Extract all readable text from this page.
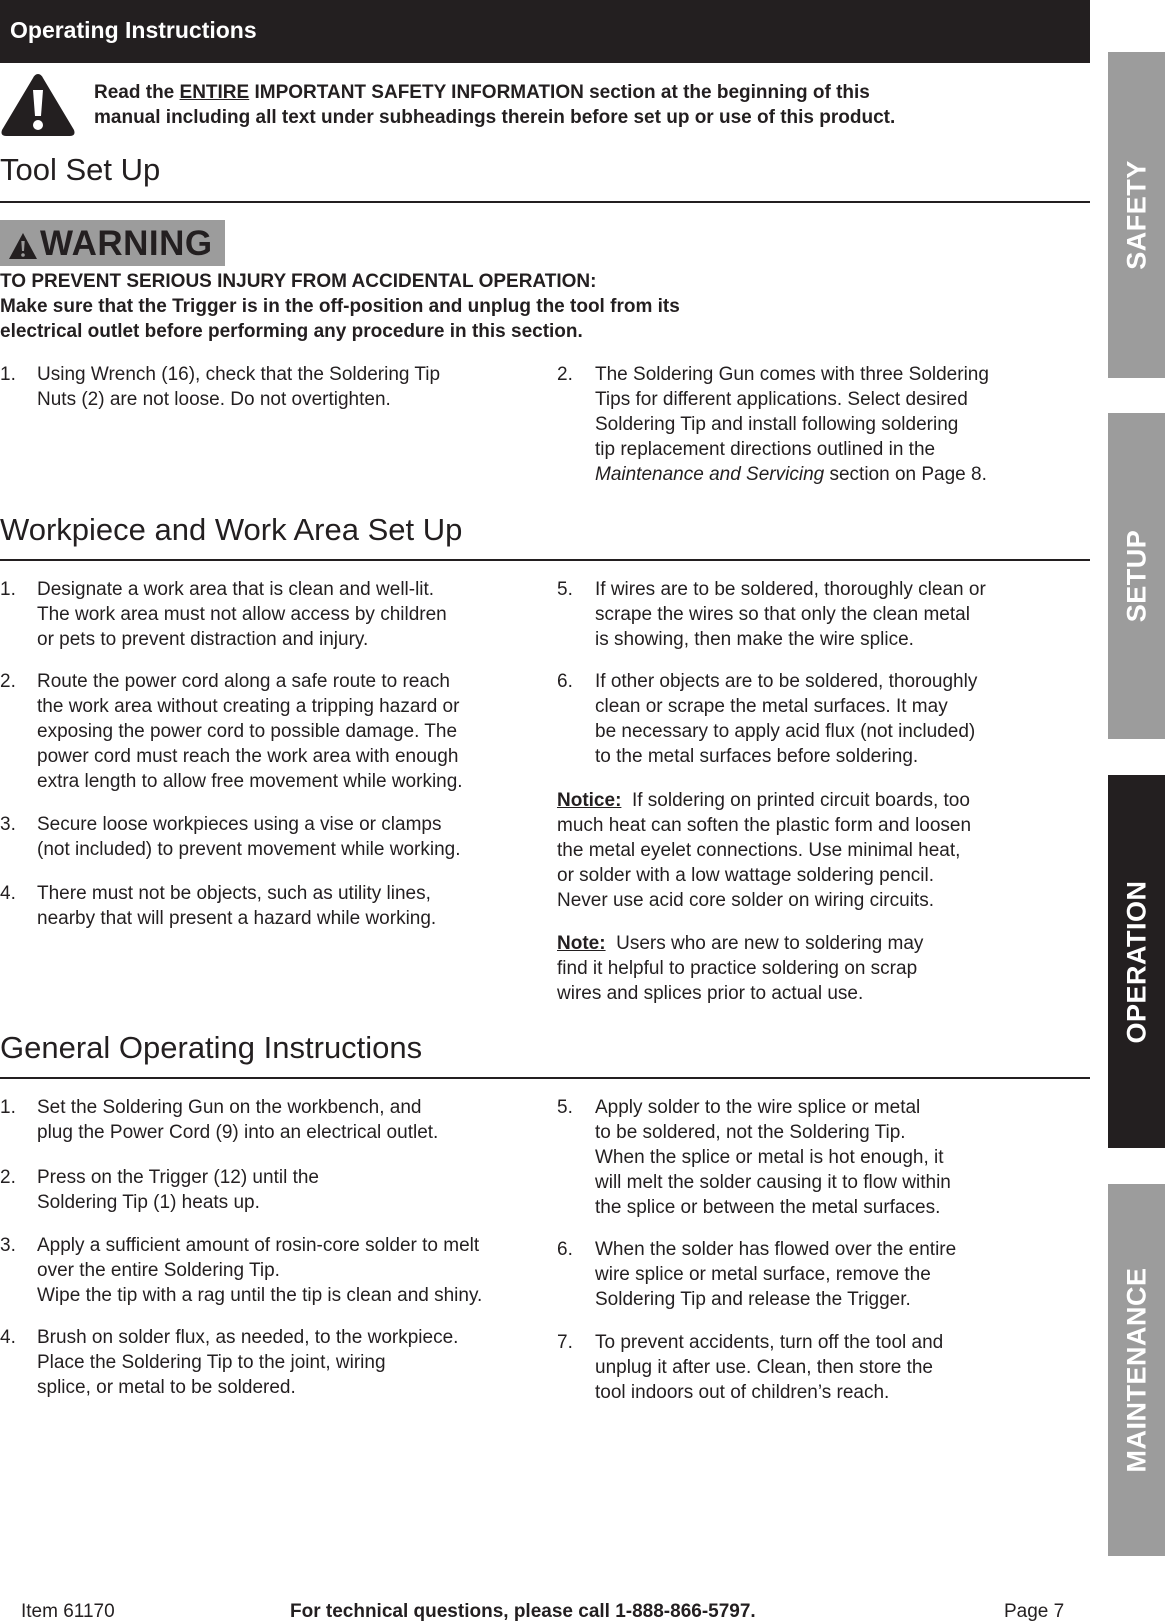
Operating Instructions
Read the ENTIRE IMPORTANT SAFETY INFORMATION section at the beginning of this
manual including all text under subheadings therein before set up or use of this product.
Tool Set Up
WARNING
TO PREVENT SERIOUS INJURY FROM ACCIDENTAL OPERATION:
Make sure that the Trigger is in the off-position and unplug the tool from its
electrical outlet before performing any procedure in this section.
1. Using Wrench (16), check that the Soldering Tip
Nuts (2) are not loose. Do not overtighten.
2. The Soldering Gun comes with three Soldering
Tips for different applications. Select desired
Soldering Tip and install following soldering
tip replacement directions outlined in the
Maintenance and Servicing section on Page 8.
Workpiece and Work Area Set Up
1. Designate a work area that is clean and well-lit.
The work area must not allow access by children
or pets to prevent distraction and injury.
2. Route the power cord along a safe route to reach
the work area without creating a tripping hazard or
exposing the power cord to possible damage. The
power cord must reach the work area with enough
extra length to allow free movement while working.
3. Secure loose workpieces using a vise or clamps
(not included) to prevent movement while working.
4. There must not be objects, such as utility lines,
nearby that will present a hazard while working.
5. If wires are to be soldered, thoroughly clean or
scrape the wires so that only the clean metal
is showing, then make the wire splice.
6. If other objects are to be soldered, thoroughly
clean or scrape the metal surfaces. It may
be necessary to apply acid flux (not included)
to the metal surfaces before soldering.
Notice:  If soldering on printed circuit boards, too
much heat can soften the plastic form and loosen
the metal eyelet connections. Use minimal heat,
or solder with a low wattage soldering pencil.
Never use acid core solder on wiring circuits.
Note:  Users who are new to soldering may
find it helpful to practice soldering on scrap
wires and splices prior to actual use.
General Operating Instructions
1. Set the Soldering Gun on the workbench, and
plug the Power Cord (9) into an electrical outlet.
2. Press on the Trigger (12) until the
Soldering Tip (1) heats up.
3. Apply a sufficient amount of rosin-core solder to melt
over the entire Soldering Tip.
Wipe the tip with a rag until the tip is clean and shiny.
4. Brush on solder flux, as needed, to the workpiece.
Place the Soldering Tip to the joint, wiring
splice, or metal to be soldered.
5. Apply solder to the wire splice or metal
to be soldered, not the Soldering Tip.
When the splice or metal is hot enough, it
will melt the solder causing it to flow within
the splice or between the metal surfaces.
6. When the solder has flowed over the entire
wire splice or metal surface, remove the
Soldering Tip and release the Trigger.
7. To prevent accidents, turn off the tool and
unplug it after use. Clean, then store the
tool indoors out of children’s reach.
SAFETY
SETUP
OPERATION
MAINTENANCE
Item 61170	For technical questions, please call 1-888-866-5797.	Page 7
